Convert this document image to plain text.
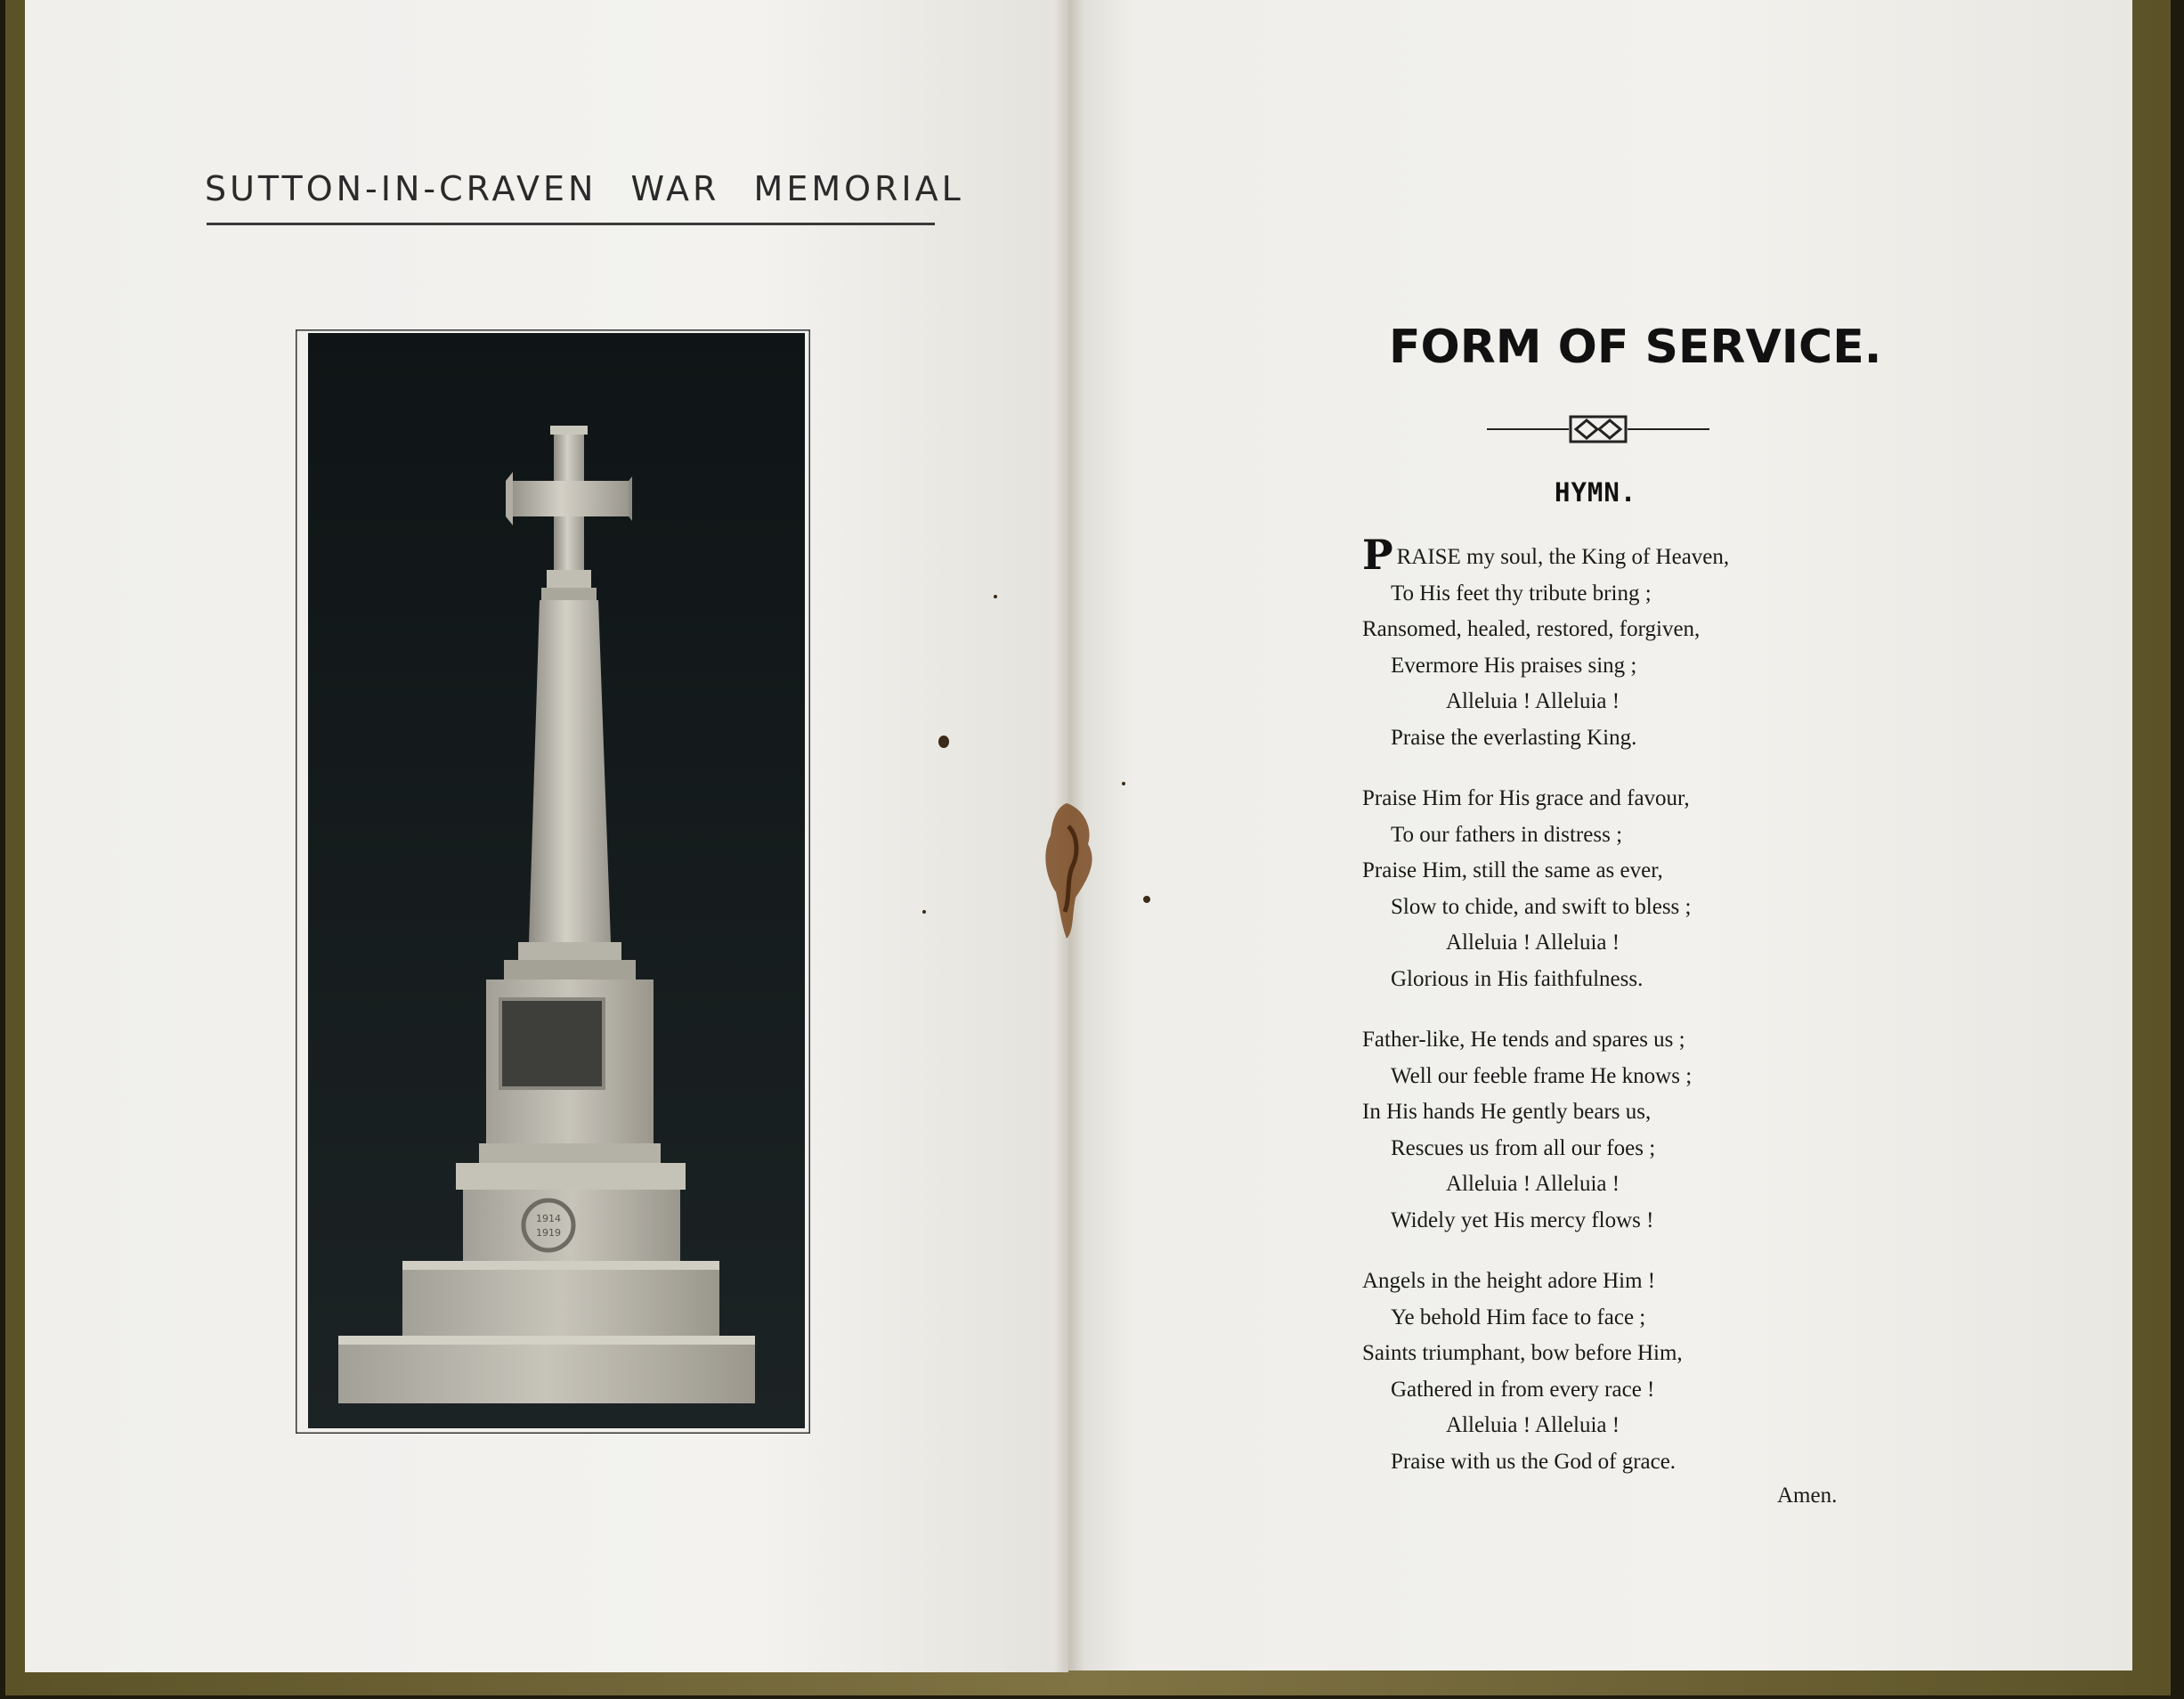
SUTTON-IN-CRAVEN WAR MEMORIAL
1914
1919
FORM OF SERVICE.
HYMN.
PRAISE my soul, the King of Heaven,
To His feet thy tribute bring ;
Ransomed, healed, restored, forgiven,
Evermore His praises sing ;
Alleluia ! Alleluia !
Praise the everlasting King.
Praise Him for His grace and favour,
To our fathers in distress ;
Praise Him, still the same as ever,
Slow to chide, and swift to bless ;
Alleluia ! Alleluia !
Glorious in His faithfulness.
Father-like, He tends and spares us ;
Well our feeble frame He knows ;
In His hands He gently bears us,
Rescues us from all our foes ;
Alleluia ! Alleluia !
Widely yet His mercy flows !
Angels in the height adore Him !
Ye behold Him face to face ;
Saints triumphant, bow before Him,
Gathered in from every race !
Alleluia ! Alleluia !
Praise with us the God of grace.
Amen.
